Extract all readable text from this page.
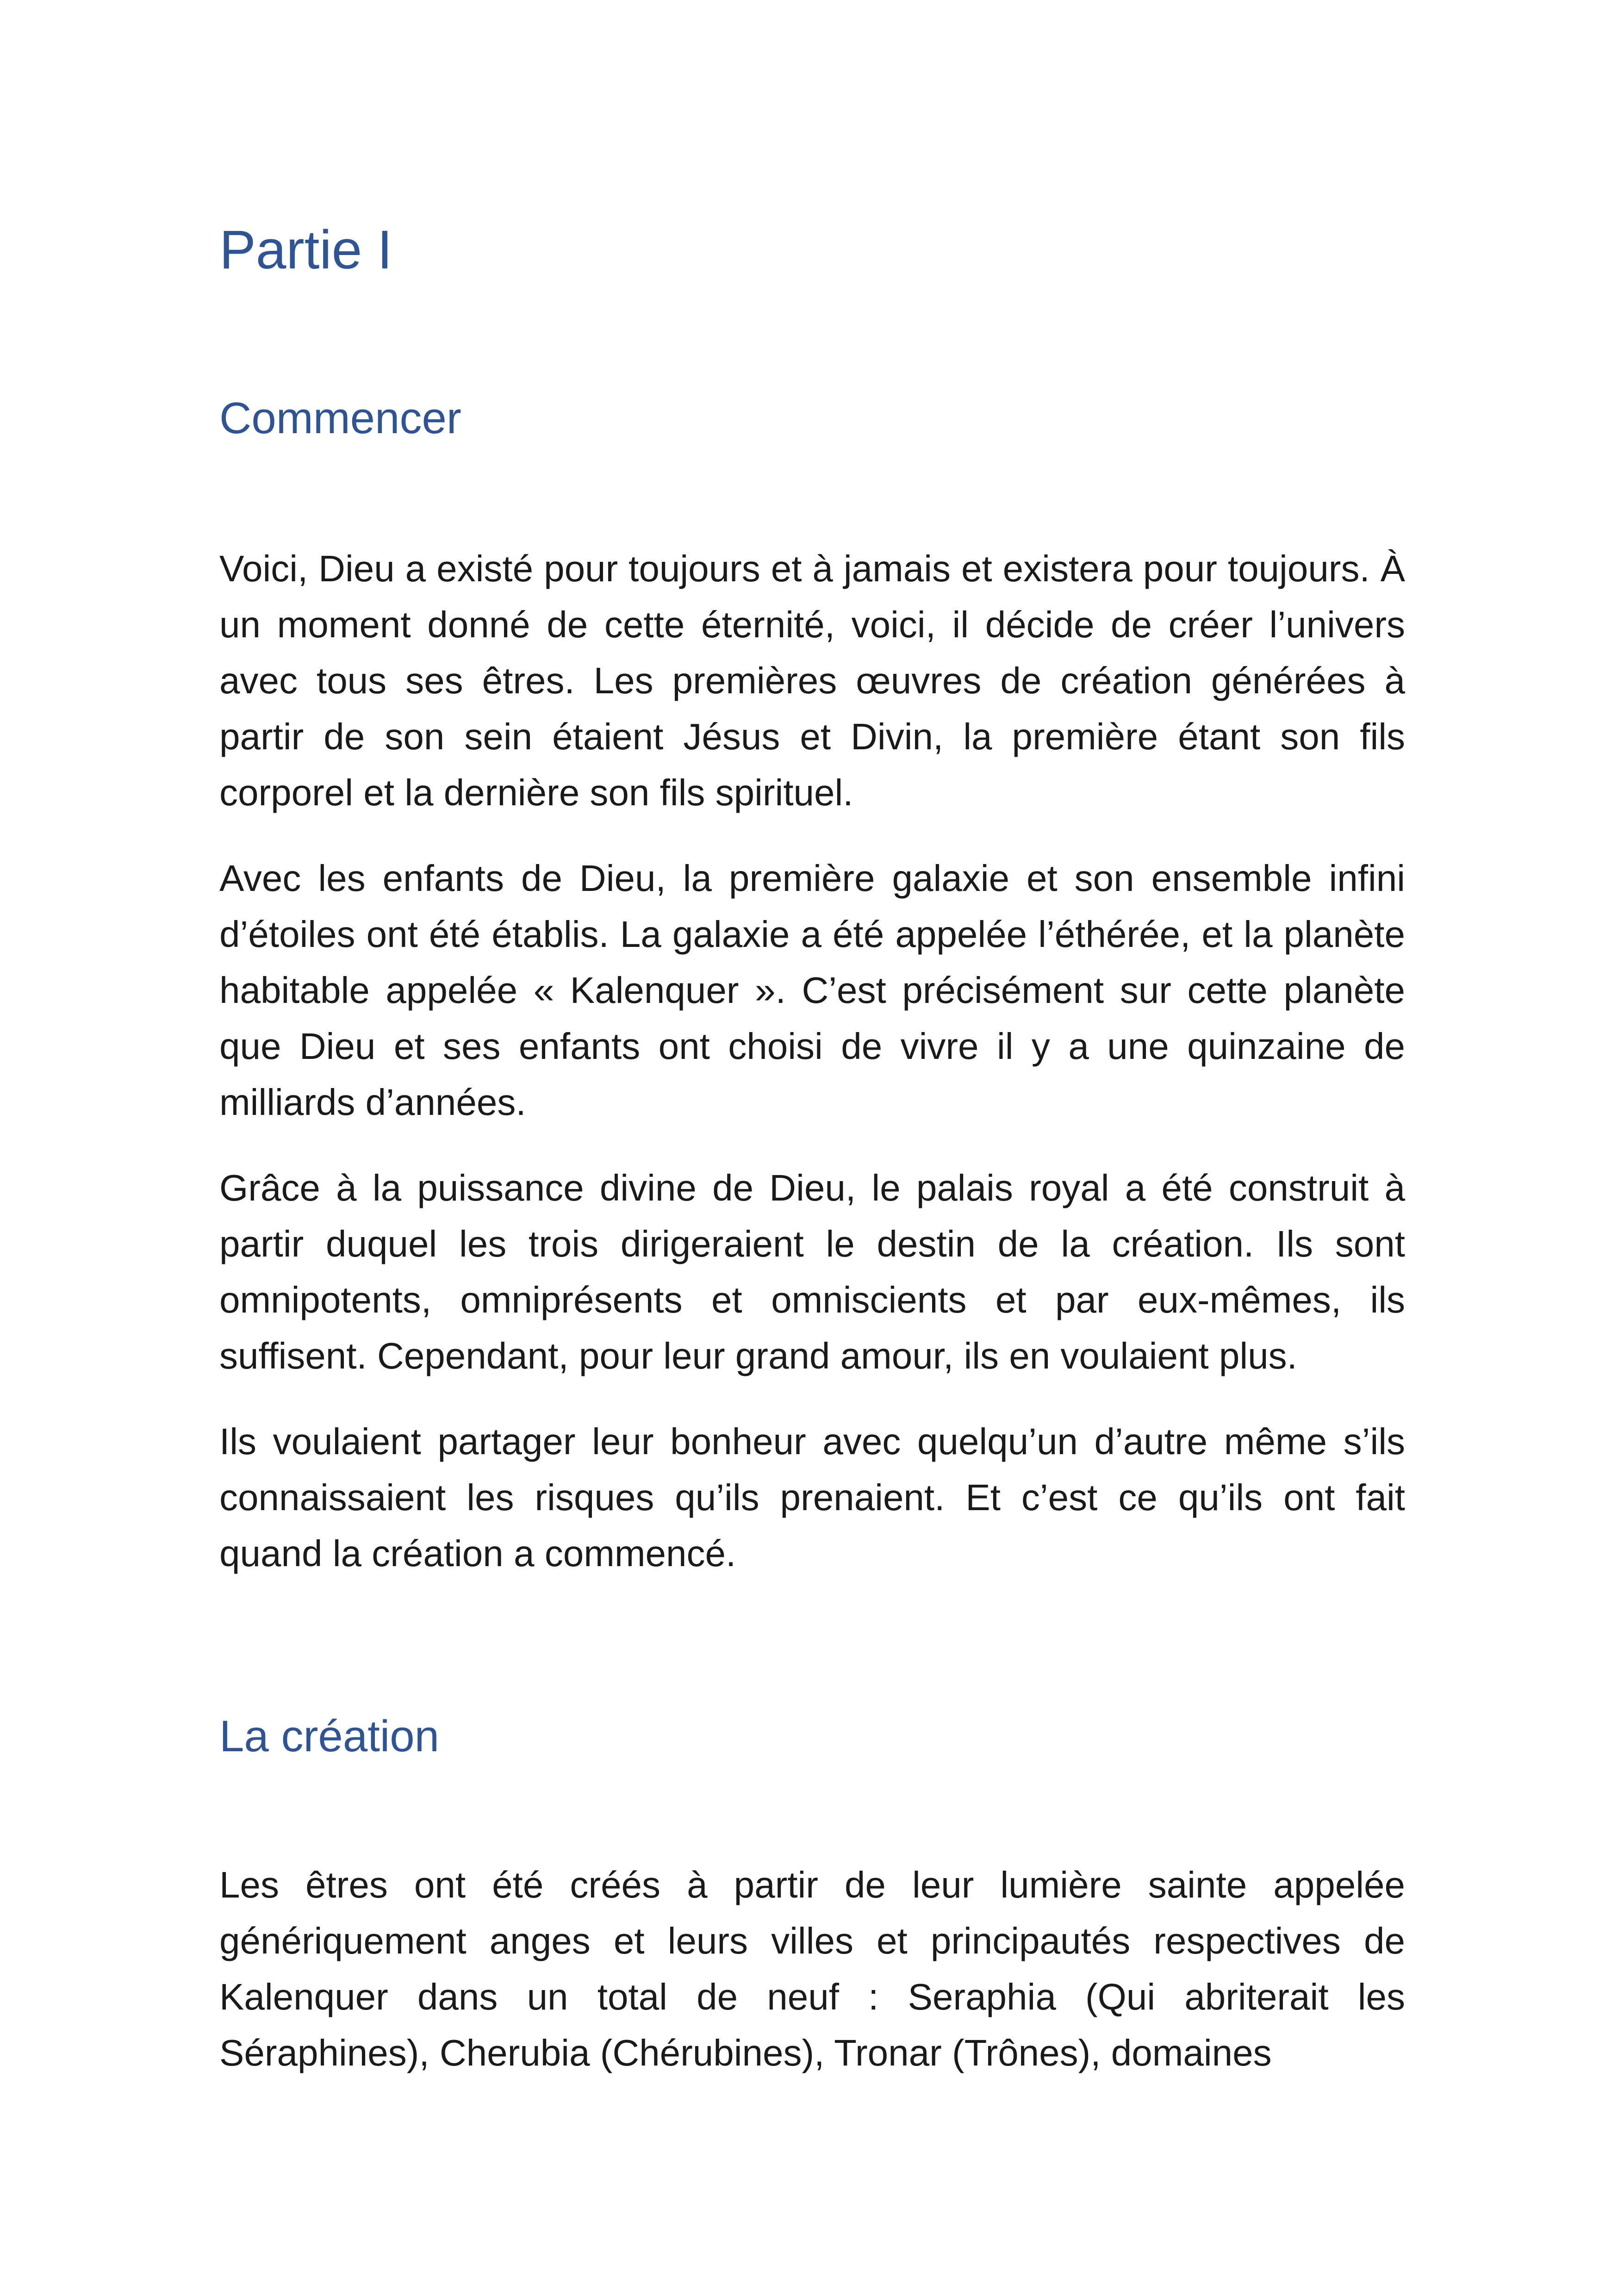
Partie I
Commencer

Voici, Dieu a existé pour toujours et à jamais et existera pour toujours. À un moment donné de cette éternité, voici, il décide de créer l’univers avec tous ses êtres. Les premières œuvres de création générées à partir de son sein étaient Jésus et Divin, la première étant son fils corporel et la dernière son fils spirituel.

Avec les enfants de Dieu, la première galaxie et son ensemble infini d’étoiles ont été établis. La galaxie a été appelée l’éthérée, et la planète habitable appelée « Kalenquer ». C’est précisément sur cette planète que Dieu et ses enfants ont choisi de vivre il y a une quinzaine de milliards d’années.

Grâce à la puissance divine de Dieu, le palais royal a été construit à partir duquel les trois dirigeraient le destin de la création. Ils sont omnipotents, omniprésents et omniscients et par eux-mêmes, ils suffisent. Cependant, pour leur grand amour, ils en voulaient plus.

Ils voulaient partager leur bonheur avec quelqu’un d’autre même s’ils connaissaient les risques qu’ils prenaient. Et c’est ce qu’ils ont fait quand la création a commencé.

La création

Les êtres ont été créés à partir de leur lumière sainte appelée génériquement anges et leurs villes et principautés respectives de Kalenquer dans un total de neuf : Seraphia (Qui abriterait les Séraphines), Cherubia (Chérubines), Tronar (Trônes), domaines
